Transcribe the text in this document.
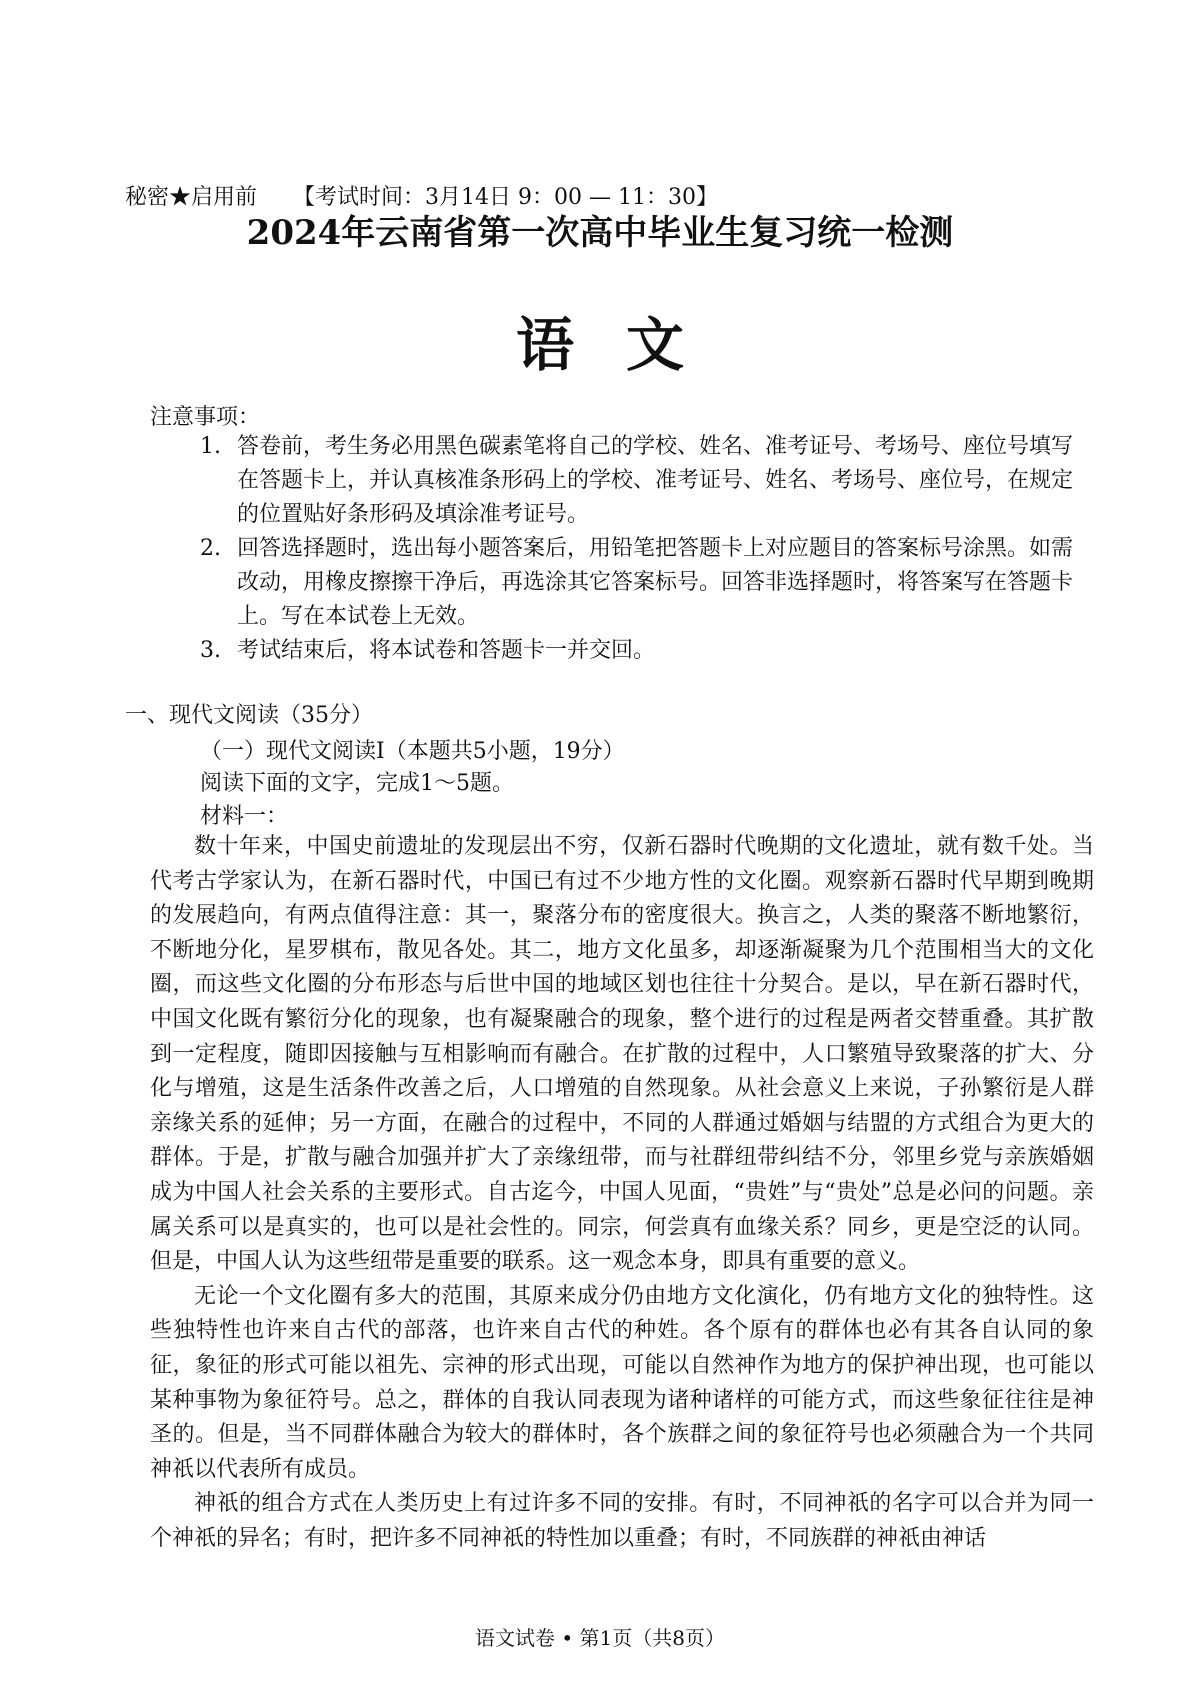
秘密★启用前 【考试时间：3月14日 9：00 — 11：30】
2024年云南省第一次高中毕业生复习统一检测
语文
注意事项：

1. 答卷前，考生务必用黑色碳素笔将自己的学校、姓名、准考证号、考场号、座位号填写在答题卡上，并认真核准条形码上的学校、准考证号、姓名、考场号、座位号，在规定的位置贴好条形码及填涂准考证号。

2. 回答选择题时，选出每小题答案后，用铅笔把答题卡上对应题目的答案标号涂黑。如需改动，用橡皮擦擦干净后，再选涂其它答案标号。回答非选择题时，将答案写在答题卡上。写在本试卷上无效。

3. 考试结束后，将本试卷和答题卡一并交回。

一、现代文阅读（35分）
（一）现代文阅读Ⅰ（本题共5小题，19分）
阅读下面的文字，完成1～5题。
材料一：

数十年来，中国史前遗址的发现层出不穷，仅新石器时代晚期的文化遗址，就有数千处。当代考古学家认为，在新石器时代，中国已有过不少地方性的文化圈。观察新石器时代早期到晚期的发展趋向，有两点值得注意：其一，聚落分布的密度很大。换言之，人类的聚落不断地繁衍，不断地分化，星罗棋布，散见各处。其二，地方文化虽多，却逐渐凝聚为几个范围相当大的文化圈，而这些文化圈的分布形态与后世中国的地域区划也往往十分契合。是以，早在新石器时代，中国文化既有繁衍分化的现象，也有凝聚融合的现象，整个进行的过程是两者交替重叠。其扩散到一定程度，随即因接触与互相影响而有融合。在扩散的过程中，人口繁殖导致聚落的扩大、分化与增殖，这是生活条件改善之后，人口增殖的自然现象。从社会意义上来说，子孙繁衍是人群亲缘关系的延伸；另一方面，在融合的过程中，不同的人群通过婚姻与结盟的方式组合为更大的群体。于是，扩散与融合加强并扩大了亲缘纽带，而与社群纽带纠结不分，邻里乡党与亲族婚姻成为中国人社会关系的主要形式。自古迄今，中国人见面，“贵姓”与“贵处”总是必问的问题。亲属关系可以是真实的，也可以是社会性的。同宗，何尝真有血缘关系？同乡，更是空泛的认同。但是，中国人认为这些纽带是重要的联系。这一观念本身，即具有重要的意义。

无论一个文化圈有多大的范围，其原来成分仍由地方文化演化，仍有地方文化的独特性。这些独特性也许来自古代的部落，也许来自古代的种姓。各个原有的群体也必有其各自认同的象征，象征的形式可能以祖先、宗神的形式出现，可能以自然神作为地方的保护神出现，也可能以某种事物为象征符号。总之，群体的自我认同表现为诸种诸样的可能方式，而这些象征往往是神圣的。但是，当不同群体融合为较大的群体时，各个族群之间的象征符号也必须融合为一个共同神祇以代表所有成员。

神祇的组合方式在人类历史上有过许多不同的安排。有时，不同神祇的名字可以合并为同一个神祇的异名；有时，把许多不同神祇的特性加以重叠；有时，不同族群的神祇由神话

语文试卷 • 第1页（共8页）
